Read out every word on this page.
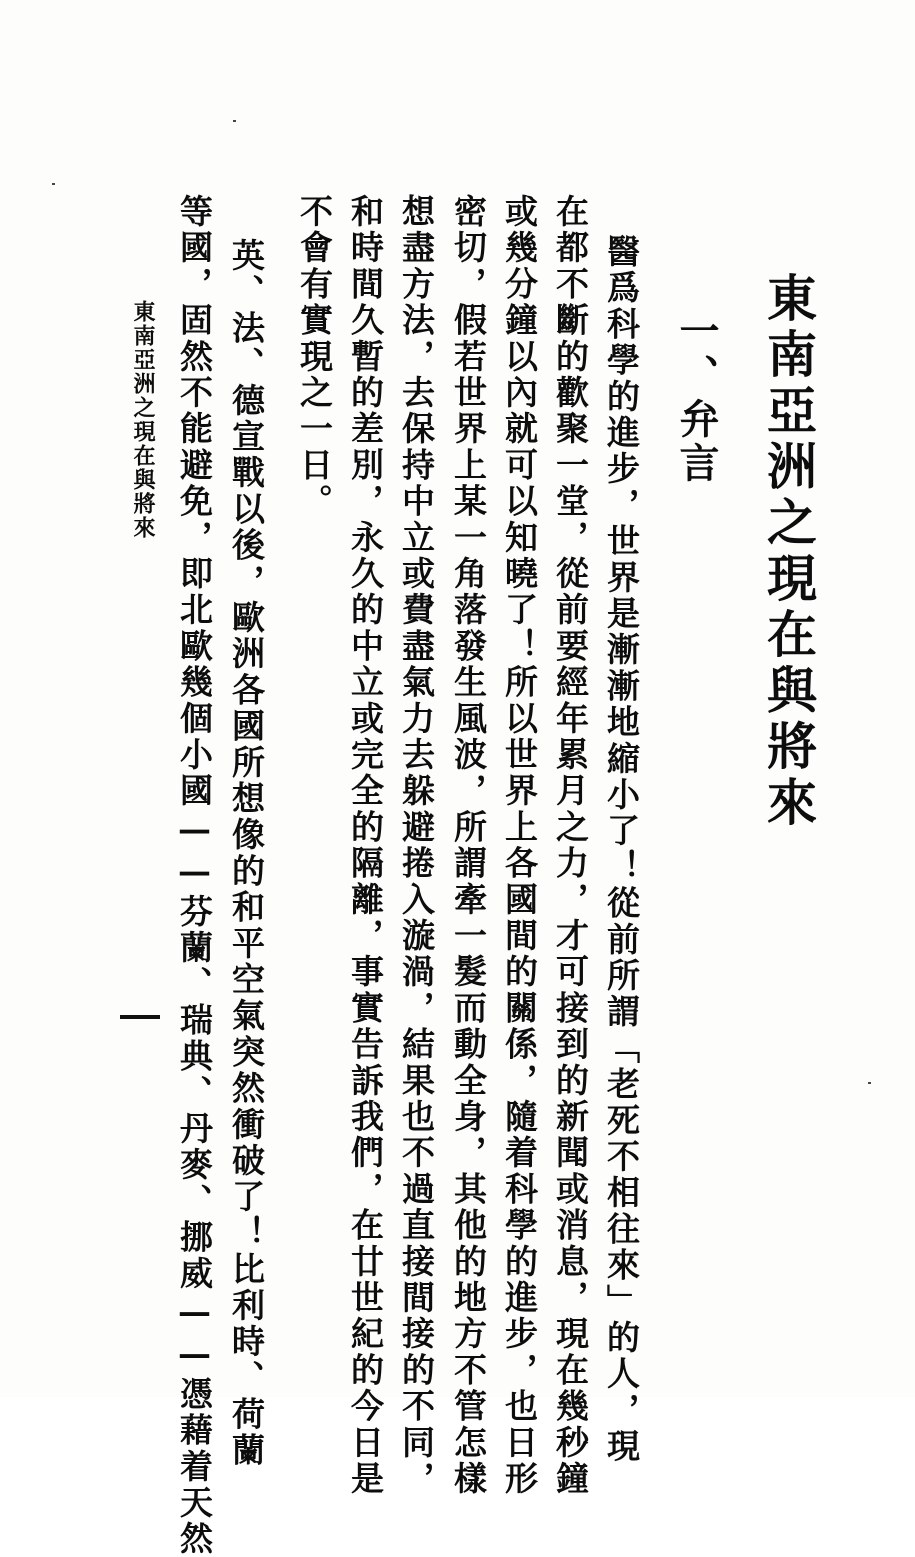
東南亞洲之現在與將來
一、弁言
醫爲科學的進步，世界是漸漸地縮小了！從前所謂「老死不相往來」的人，現
在都不斷的歡聚一堂，從前要經年累月之力，才可接到的新聞或消息，現在幾秒鐘
或幾分鐘以內就可以知曉了！所以世界上各國間的關係，隨着科學的進步，也日形
密切，假若世界上某一角落發生風波，所謂牽一髮而動全身，其他的地方不管怎樣
想盡方法，去保持中立或費盡氣力去躲避捲入漩渦，結果也不過直接間接的不同，
和時間久暫的差別，永久的中立或完全的隔離，事實告訴我們，在廿世紀的今日是
不會有實現之一日。
英、法、德宣戰以後，歐洲各國所想像的和平空氣突然衝破了！比利時、荷蘭
等國，固然不能避免，即北歐幾個小國——芬蘭、瑞典、丹麥、挪威——憑藉着天然
東南亞洲之現在與將來
